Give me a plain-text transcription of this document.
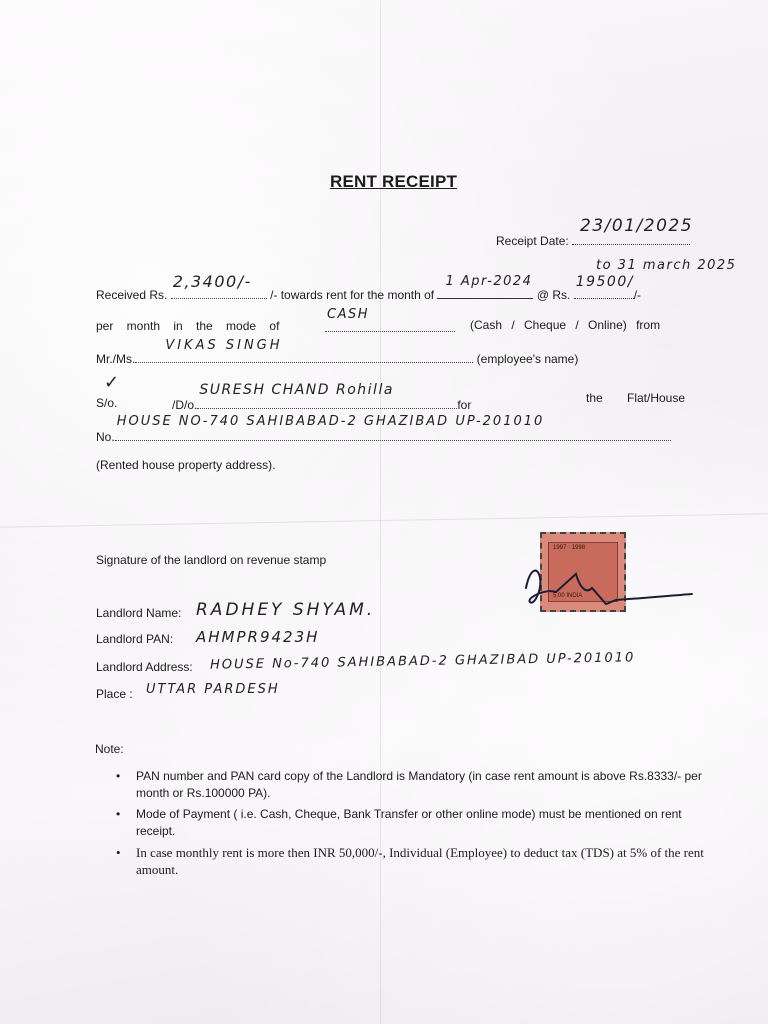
RENT RECEIPT
Receipt Date:
23/01/2025
to 31 march 2025
Received Rs.
2,3400/-
/- towards rent for the month of
1 Apr-2024
@ Rs.
19500/
/-
per month in the mode of
CASH
(Cash / Cheque / Online) from
Mr./Ms.
VIKAS SINGH
(employee's name)
✓
S/o.	/D/o.
SURESH CHAND Rohilla
for	the Flat/House
No.
HOUSE NO-740 SAHIBABAD-2 GHAZIBAD UP-201010
(Rented house property address).
Signature of the landlord on revenue stamp
1997 · 1998
5.00 INDIA
Landlord Name: RADHEY SHYAM.
Landlord PAN: AHMPR9423H
Landlord Address: HOUSE No-740 SAHIBABAD-2 GHAZIBAD UP-201010
Place : UTTAR PARDESH
Note:
• PAN number and PAN card copy of the Landlord is Mandatory (in case rent amount is above Rs.8333/- per month or Rs.100000 PA).
• Mode of Payment ( i.e. Cash, Cheque, Bank Transfer or other online mode) must be mentioned on rent receipt.
• In case monthly rent is more then INR 50,000/-, Individual (Employee) to deduct tax (TDS) at 5% of the rent amount.
